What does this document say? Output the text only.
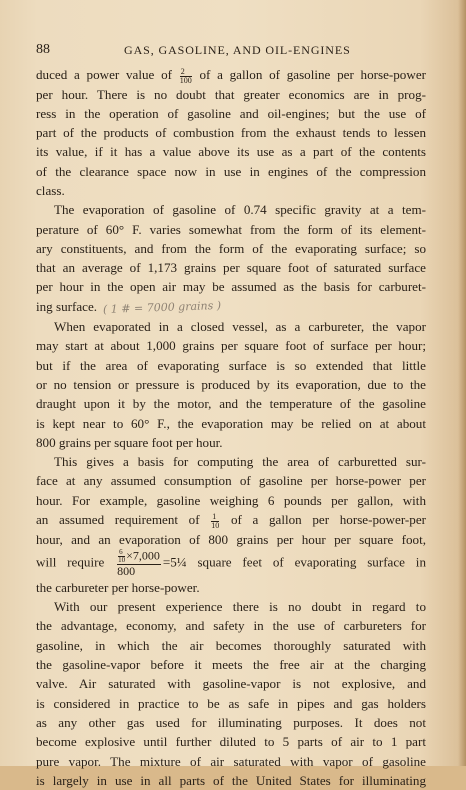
88	GAS, GASOLINE, AND OIL-ENGINES
duced a power value of $\frac{2}{100}$ of a gallon of gasoline per horse-power
per hour. There is no doubt that greater economics are in prog-
ress in the operation of gasoline and oil-engines; but the use of
part of the products of combustion from the exhaust tends to lessen
its value, if it has a value above its use as a part of the contents
of the clearance space now in use in engines of the compression
class.
The evaporation of gasoline of 0.74 specific gravity at a tem-
perature of 60° F. varies somewhat from the form of its element-
ary constituents, and from the form of the evaporating surface; so
that an average of 1,173 grains per square foot of saturated surface
per hour in the open air may be assumed as the basis for carburet-
ing surface. ( 1 # = 7000 grains )
When evaporated in a closed vessel, as a carbureter, the vapor
may start at about 1,000 grains per square foot of surface per hour;
but if the area of evaporating surface is so extended that little
or no tension or pressure is produced by its evaporation, due to the
draught upon it by the motor, and the temperature of the gasoline
is kept near to 60° F., the evaporation may be relied on at about
800 grains per square foot per hour.
This gives a basis for computing the area of carburetted sur-
face at any assumed consumption of gasoline per horse-power per
hour. For example, gasoline weighing 6 pounds per gallon, with
an assumed requirement of $\frac{1}{10}$ of a gallon per horse-power-per
hour, and an evaporation of 800 grains per hour per square foot,
will require $\frac{\frac{6}{10} \times 7,000}{800}$ =5¼ square feet of evaporating surface in
the carbureter per horse-power.
With our present experience there is no doubt in regard to
the advantage, economy, and safety in the use of carbureters for
gasoline, in which the air becomes thoroughly saturated with
the gasoline-vapor before it meets the free air at the charging
valve. Air saturated with gasoline-vapor is not explosive, and
is considered in practice to be as safe in pipes and gas holders
as any other gas used for illuminating purposes. It does not
become explosive until further diluted to 5 parts of air to 1 part
pure vapor. The mixture of air saturated with vapor of gasoline
is largely in use in all parts of the United States for illuminating
